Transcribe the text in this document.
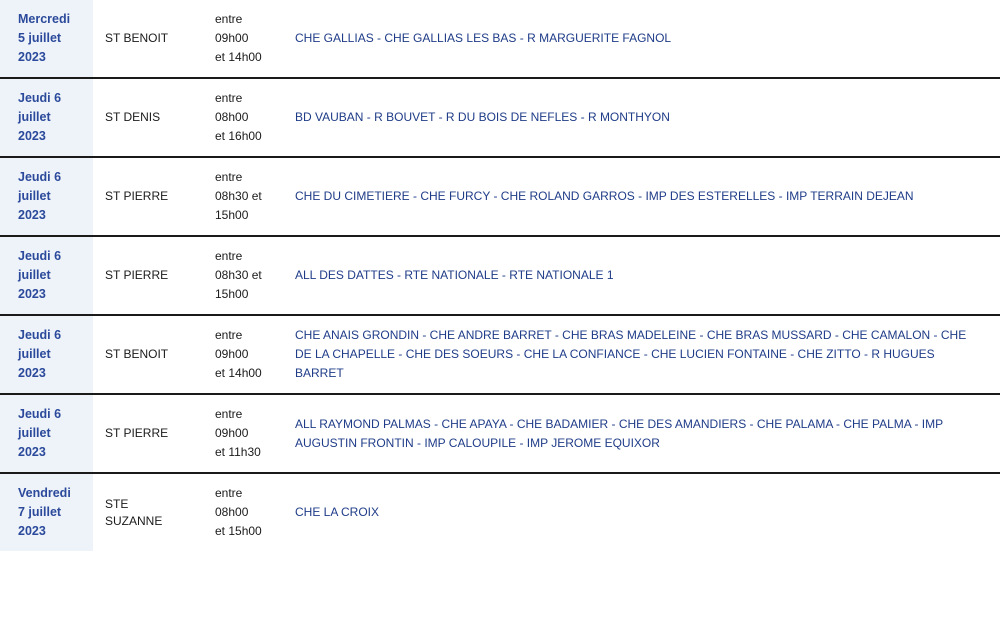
Mercredi
5 juillet
2023	ST BENOIT	entre
09h00
et 14h00	CHE GALLIAS - CHE GALLIAS LES BAS - R MARGUERITE FAGNOL

Jeudi 6
juillet
2023	ST DENIS	entre
08h00
et 16h00	BD VAUBAN - R BOUVET - R DU BOIS DE NEFLES - R MONTHYON

Jeudi 6
juillet
2023	ST PIERRE	entre
08h30 et
15h00	CHE DU CIMETIERE - CHE FURCY - CHE ROLAND GARROS - IMP DES ESTERELLES - IMP TERRAIN DEJEAN

Jeudi 6
juillet
2023	ST PIERRE	entre
08h30 et
15h00	ALL DES DATTES - RTE NATIONALE - RTE NATIONALE 1

Jeudi 6
juillet
2023	ST BENOIT	entre
09h00
et 14h00	CHE ANAIS GRONDIN - CHE ANDRE BARRET - CHE BRAS MADELEINE - CHE BRAS MUSSARD - CHE CAMALON - CHE DE LA CHAPELLE - CHE DES SOEURS - CHE LA CONFIANCE - CHE LUCIEN FONTAINE - CHE ZITTO - R HUGUES BARRET

Jeudi 6
juillet
2023	ST PIERRE	entre
09h00
et 11h30	ALL RAYMOND PALMAS - CHE APAYA - CHE BADAMIER - CHE DES AMANDIERS - CHE PALAMA - CHE PALMA - IMP AUGUSTIN FRONTIN - IMP CALOUPILE - IMP JEROME EQUIXOR

Vendredi
7 juillet
2023	STE
SUZANNE	entre
08h00
et 15h00	CHE LA CROIX
